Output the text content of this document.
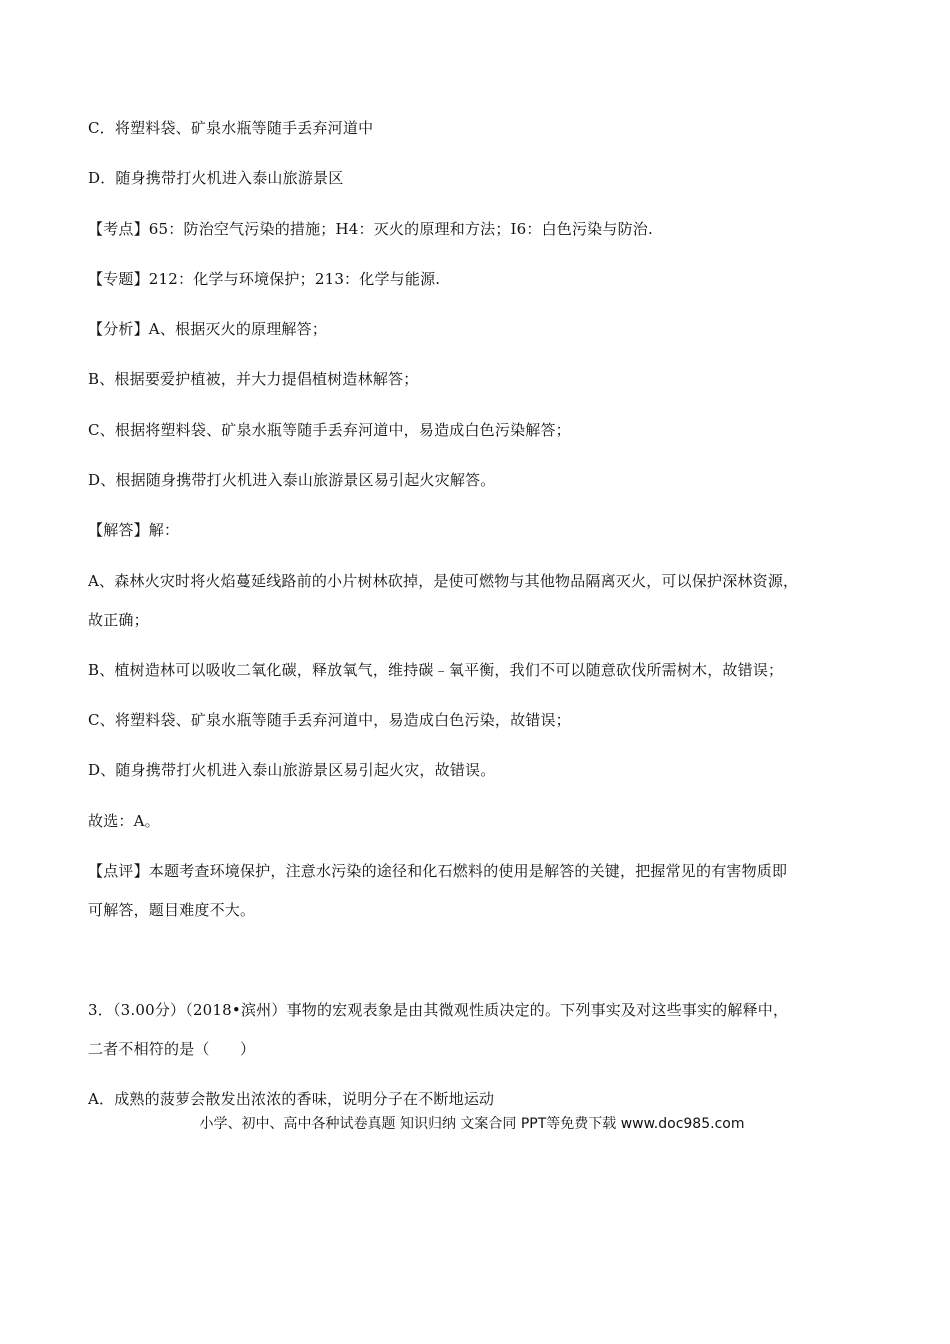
C．将塑料袋、矿泉水瓶等随手丢弃河道中
D．随身携带打火机进入泰山旅游景区
【考点】65：防治空气污染的措施；H4：灭火的原理和方法；I6：白色污染与防治.
【专题】212：化学与环境保护；213：化学与能源.
【分析】A、根据灭火的原理解答；
B、根据要爱护植被，并大力提倡植树造林解答；
C、根据将塑料袋、矿泉水瓶等随手丢弃河道中，易造成白色污染解答；
D、根据随身携带打火机进入泰山旅游景区易引起火灾解答。
【解答】解：
A、森林火灾时将火焰蔓延线路前的小片树林砍掉，是使可燃物与其他物品隔离灭火，可以保护深林资源，
故正确；
B、植树造林可以吸收二氧化碳，释放氧气，维持碳﹣氧平衡，我们不可以随意砍伐所需树木，故错误；
C、将塑料袋、矿泉水瓶等随手丢弃河道中，易造成白色污染，故错误；
D、随身携带打火机进入泰山旅游景区易引起火灾，故错误。
故选：A。
【点评】本题考查环境保护，注意水污染的途径和化石燃料的使用是解答的关键，把握常见的有害物质即
可解答，题目难度不大。
3．（3.00分）（2018•滨州）事物的宏观表象是由其微观性质决定的。下列事实及对这些事实的解释中，
二者不相符的是（　　）
A．成熟的菠萝会散发出浓浓的香味，说明分子在不断地运动
小学、初中、高中各种试卷真题 知识归纳 文案合同 PPT等免费下载 www.doc985.com
